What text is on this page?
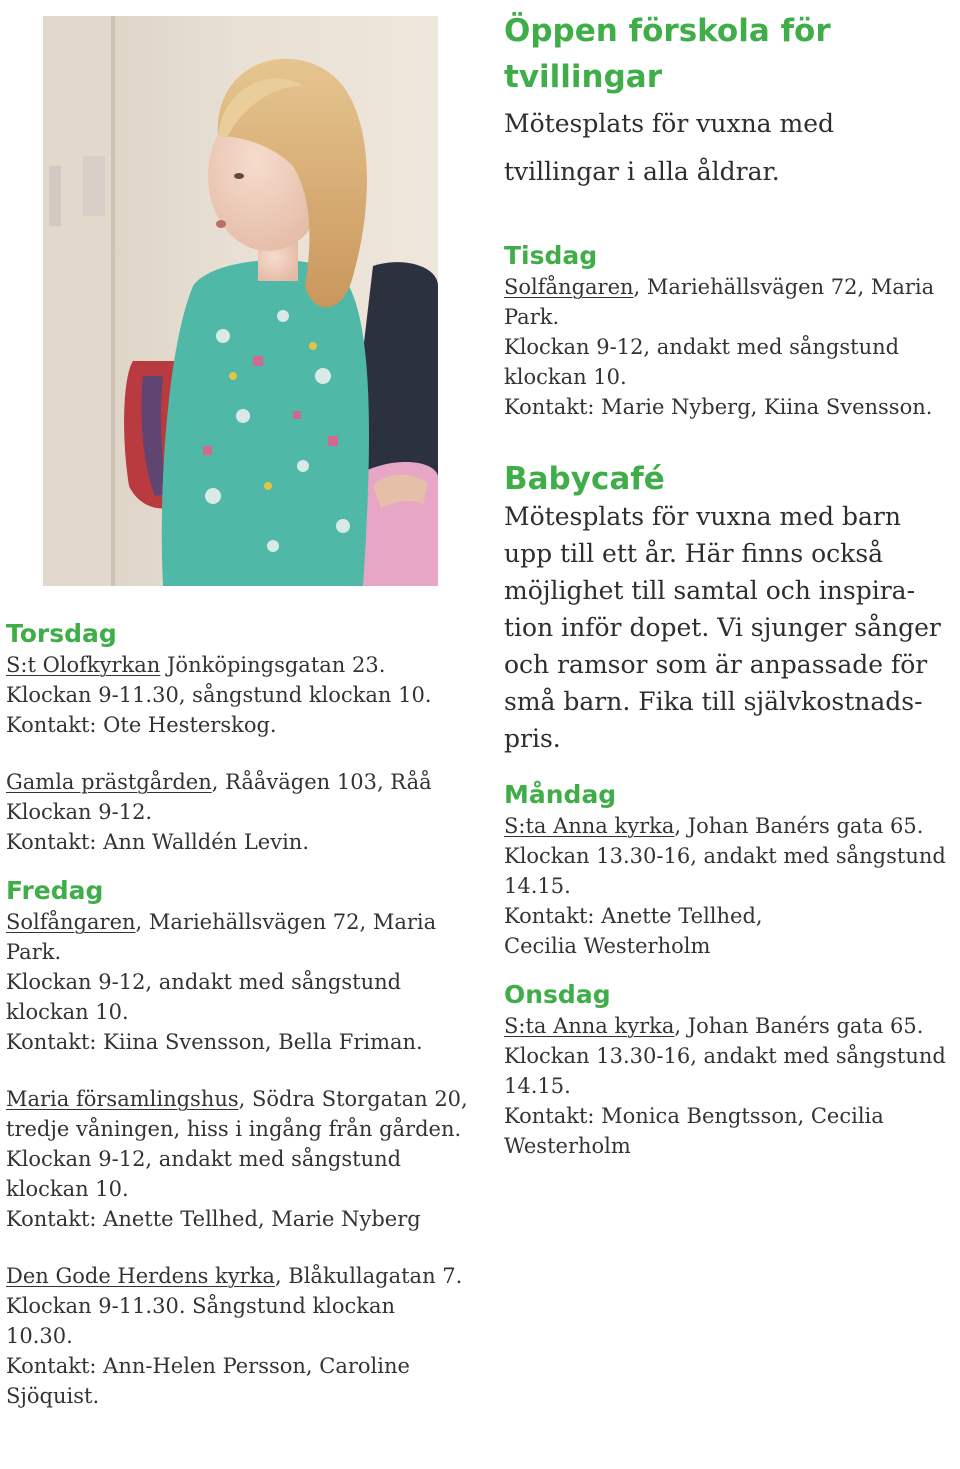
Torsdag

S:t Olofkyrkan Jönköpingsgatan 23.

Klockan 9-11.30, sångstund klockan 10.

Kontakt: Ote Hesterskog.

Gamla prästgården, Rååvägen 103, Råå

Klockan 9-12.

Kontakt: Ann Walldén Levin.

Fredag

Solfångaren, Mariehällsvägen 72, Maria

Park.

Klockan 9-12, andakt med sångstund

klockan 10.

Kontakt: Kiina Svensson, Bella Friman.

Maria församlingshus, Södra Storgatan 20,

tredje våningen, hiss i ingång från gården.

Klockan 9-12, andakt med sångstund

klockan 10.

Kontakt: Anette Tellhed, Marie Nyberg

Den Gode Herdens kyrka, Blåkullagatan 7.

Klockan 9-11.30. Sångstund klockan

10.30.

Kontakt: Ann-Helen Persson, Caroline

Sjöquist.

Öppen förskola för
tvillingar

Mötesplats för vuxna med

tvillingar i alla åldrar.

Tisdag

Solfångaren, Mariehällsvägen 72, Maria

Park.

Klockan 9-12, andakt med sångstund

klockan 10.

Kontakt: Marie Nyberg, Kiina Svensson.

Babycafé

Mötesplats för vuxna med barn

upp till ett år. Här finns också

möjlighet till samtal och inspira-

tion inför dopet. Vi sjunger sånger

och ramsor som är anpassade för

små barn. Fika till självkostnads-

pris.

Måndag

S:ta Anna kyrka, Johan Banérs gata 65.

Klockan 13.30-16, andakt med sångstund

14.15.

Kontakt: Anette Tellhed,

Cecilia Westerholm

Onsdag

S:ta Anna kyrka, Johan Banérs gata 65.

Klockan 13.30-16, andakt med sångstund

14.15.

Kontakt: Monica Bengtsson, Cecilia

Westerholm
